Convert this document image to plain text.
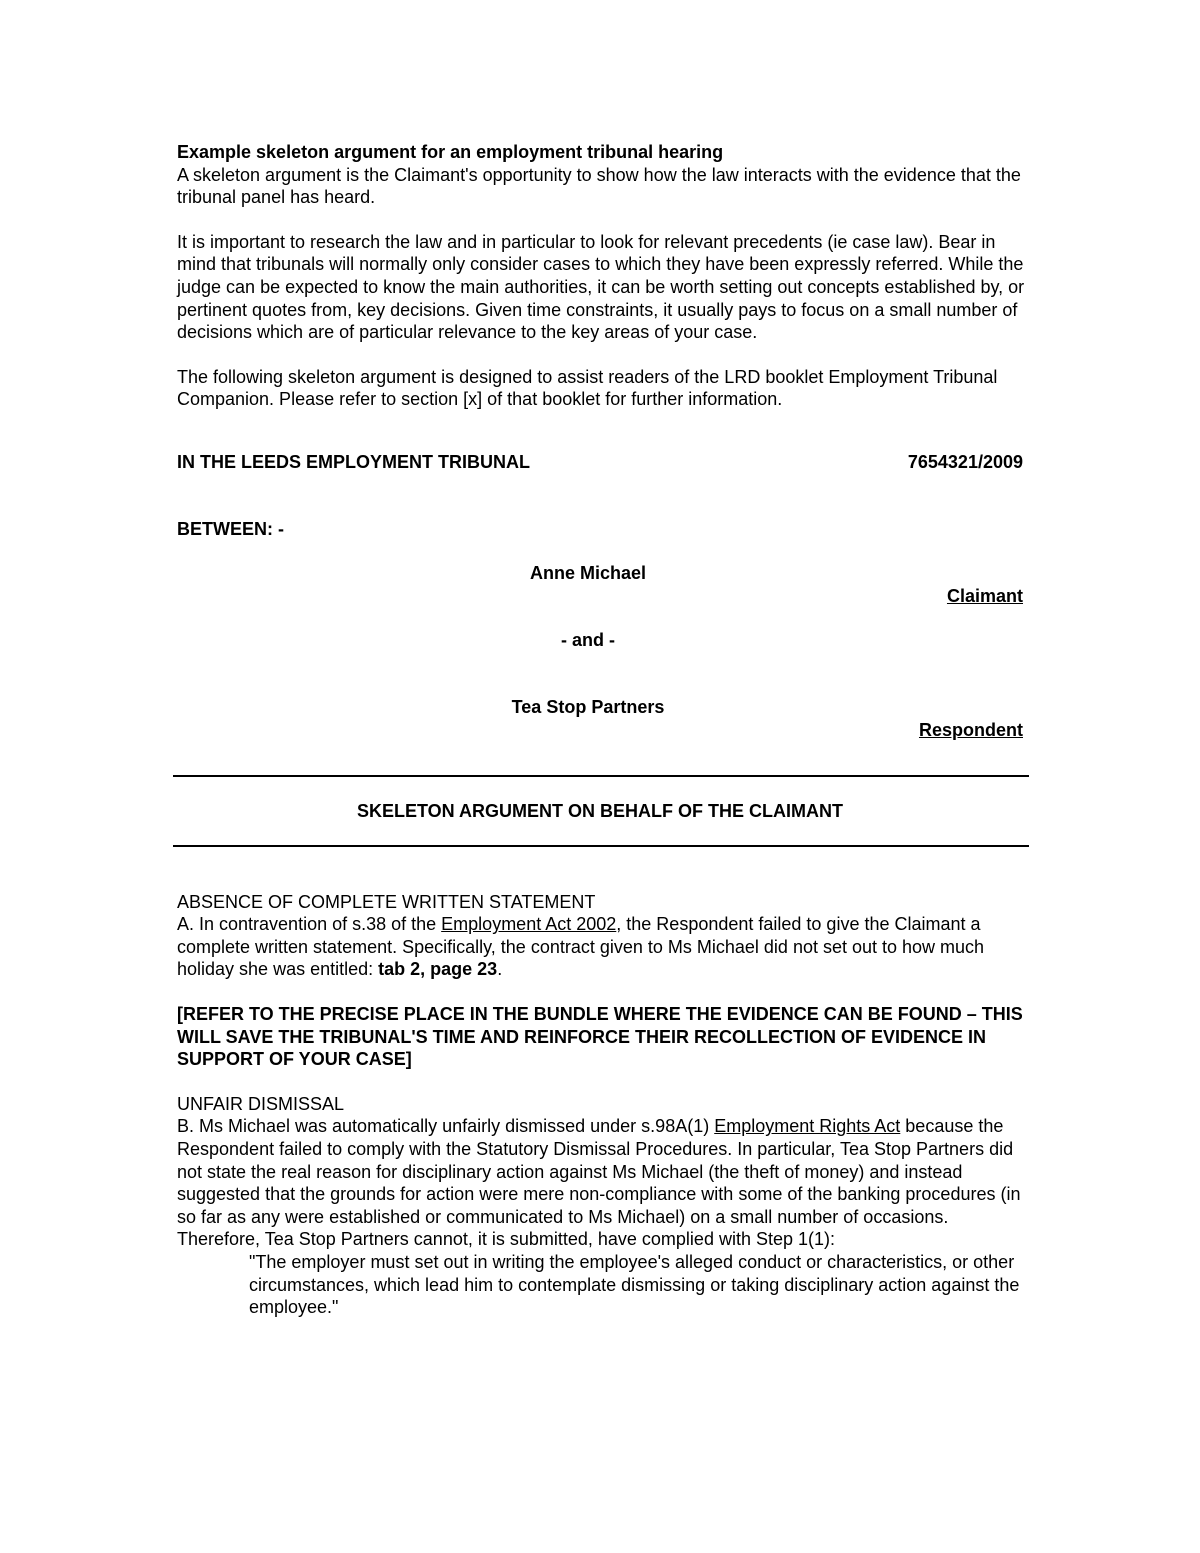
Example skeleton argument for an employment tribunal hearing

A skeleton argument is the Claimant's opportunity to show how the law interacts with the evidence that the tribunal panel has heard.

It is important to research the law and in particular to look for relevant precedents (ie case law). Bear in mind that tribunals will normally only consider cases to which they have been expressly referred. While the judge can be expected to know the main authorities, it can be worth setting out concepts established by, or pertinent quotes from, key decisions. Given time constraints, it usually pays to focus on a small number of decisions which are of particular relevance to the key areas of your case.

The following skeleton argument is designed to assist readers of the LRD booklet Employment Tribunal Companion. Please refer to section [x] of that booklet for further information.

IN THE LEEDS EMPLOYMENT TRIBUNAL	7654321/2009

BETWEEN: -

Anne Michael
Claimant
- and -
Tea Stop Partners
Respondent
SKELETON ARGUMENT ON BEHALF OF THE CLAIMANT

ABSENCE OF COMPLETE WRITTEN STATEMENT

A. In contravention of s.38 of the Employment Act 2002, the Respondent failed to give the Claimant a complete written statement. Specifically, the contract given to Ms Michael did not set out to how much holiday she was entitled: tab 2, page 23.

[REFER TO THE PRECISE PLACE IN THE BUNDLE WHERE THE EVIDENCE CAN BE FOUND – THIS WILL SAVE THE TRIBUNAL'S TIME AND REINFORCE THEIR RECOLLECTION OF EVIDENCE IN SUPPORT OF YOUR CASE]

UNFAIR DISMISSAL

B. Ms Michael was automatically unfairly dismissed under s.98A(1) Employment Rights Act because the Respondent failed to comply with the Statutory Dismissal Procedures. In particular, Tea Stop Partners did not state the real reason for disciplinary action against Ms Michael (the theft of money) and instead suggested that the grounds for action were mere non-compliance with some of the banking procedures (in so far as any were established or communicated to Ms Michael) on a small number of occasions. Therefore, Tea Stop Partners cannot, it is submitted, have complied with Step 1(1):

"The employer must set out in writing the employee's alleged conduct or characteristics, or other circumstances, which lead him to contemplate dismissing or taking disciplinary action against the employee."
